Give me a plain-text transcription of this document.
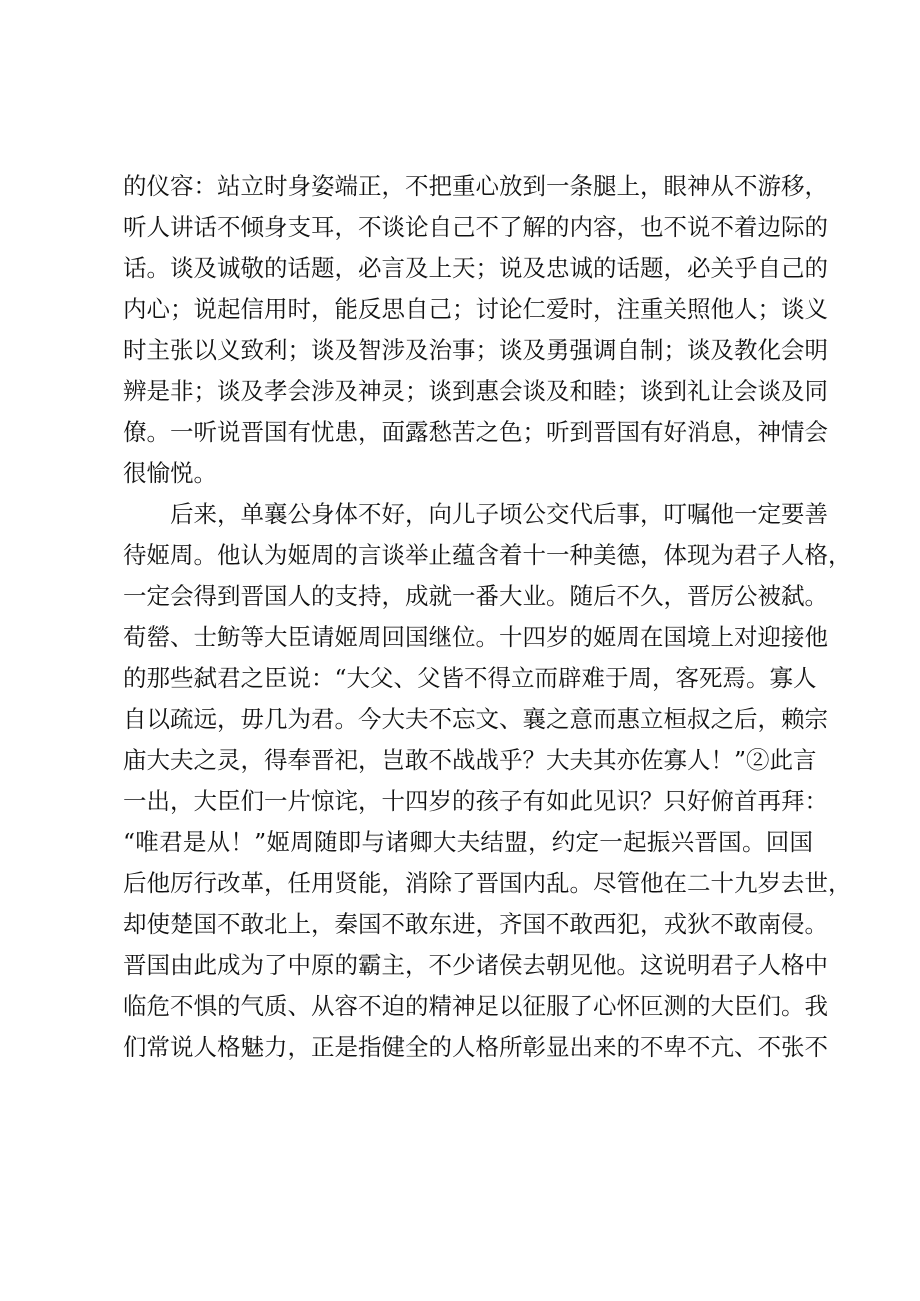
的仪容：站立时身姿端正，不把重心放到一条腿上，眼神从不游移，
听人讲话不倾身支耳，不谈论自己不了解的内容，也不说不着边际的
话。谈及诚敬的话题，必言及上天；说及忠诚的话题，必关乎自己的
内心；说起信用时，能反思自己；讨论仁爱时，注重关照他人；谈义
时主张以义致利；谈及智涉及治事；谈及勇强调自制；谈及教化会明
辨是非；谈及孝会涉及神灵；谈到惠会谈及和睦；谈到礼让会谈及同
僚。一听说晋国有忧患，面露愁苦之色；听到晋国有好消息，神情会
很愉悦。
后来，单襄公身体不好，向儿子顷公交代后事，叮嘱他一定要善
待姬周。他认为姬周的言谈举止蕴含着十一种美德，体现为君子人格，
一定会得到晋国人的支持，成就一番大业。随后不久，晋厉公被弑。
荀罃、士鲂等大臣请姬周回国继位。十四岁的姬周在国境上对迎接他
的那些弑君之臣说：“大父、父皆不得立而辟难于周，客死焉。寡人
自以疏远，毋几为君。今大夫不忘文、襄之意而惠立桓叔之后，赖宗
庙大夫之灵，得奉晋祀，岂敢不战战乎？大夫其亦佐寡人！”②此言
一出，大臣们一片惊诧，十四岁的孩子有如此见识？只好俯首再拜：
“唯君是从！”姬周随即与诸卿大夫结盟，约定一起振兴晋国。回国
后他厉行改革，任用贤能，消除了晋国内乱。尽管他在二十九岁去世，
却使楚国不敢北上，秦国不敢东进，齐国不敢西犯，戎狄不敢南侵。
晋国由此成为了中原的霸主，不少诸侯去朝见他。这说明君子人格中
临危不惧的气质、从容不迫的精神足以征服了心怀叵测的大臣们。我
们常说人格魅力，正是指健全的人格所彰显出来的不卑不亢、不张不
